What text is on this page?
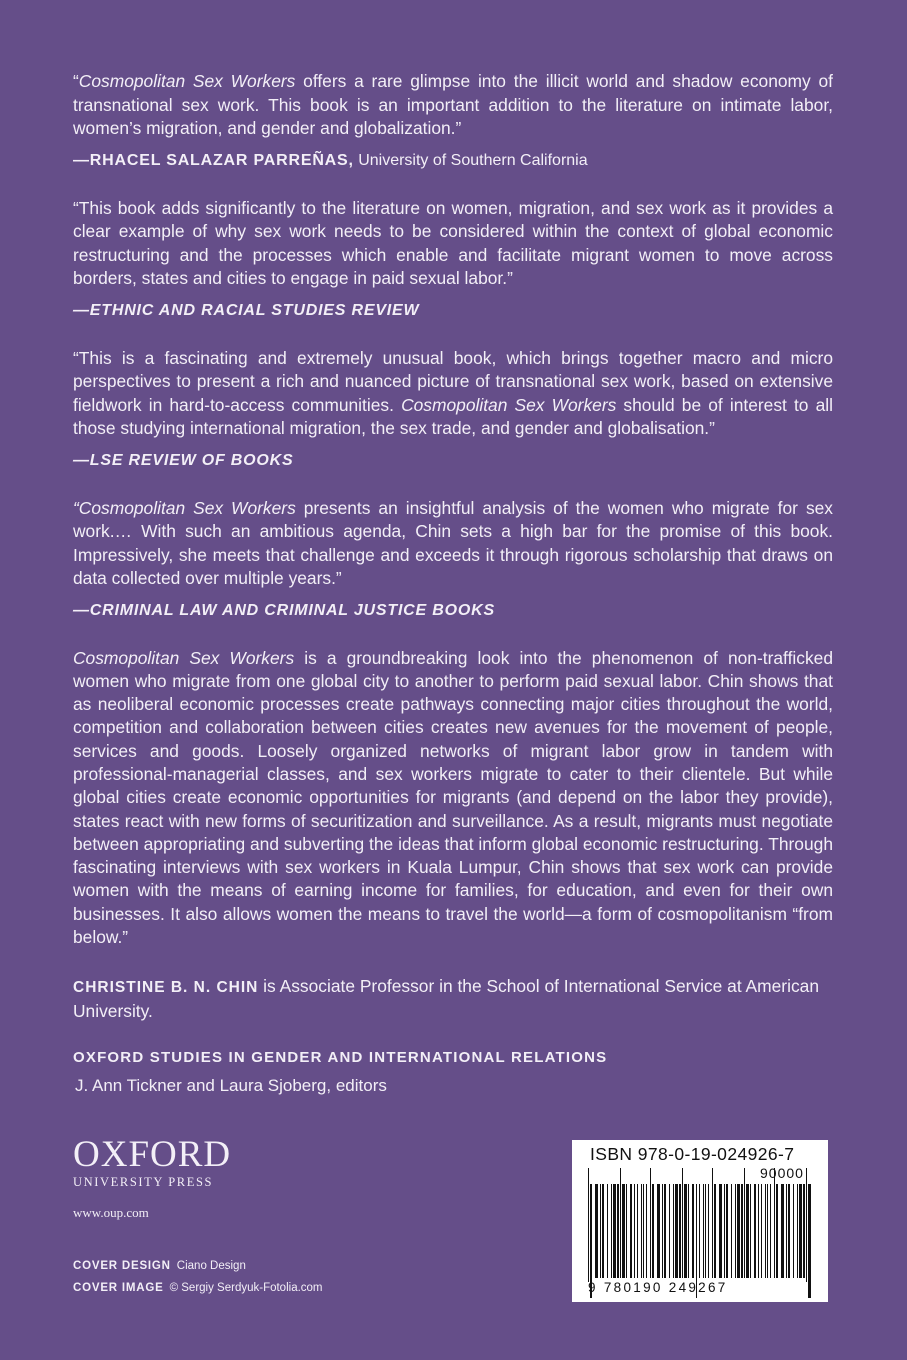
“Cosmopolitan Sex Workers offers a rare glimpse into the illicit world and shadow economy of transnational sex work. This book is an important addition to the literature on intimate labor, women’s migration, and gender and globalization.”

—RHACEL SALAZAR PARREÑAS, University of Southern California

“This book adds significantly to the literature on women, migration, and sex work as it provides a clear example of why sex work needs to be considered within the context of global economic restructuring and the processes which enable and facilitate migrant women to move across borders, states and cities to engage in paid sexual labor.”

—ETHNIC AND RACIAL STUDIES REVIEW

“This is a fascinating and extremely unusual book, which brings together macro and micro perspectives to present a rich and nuanced picture of transnational sex work, based on extensive fieldwork in hard-to-access communities. Cosmopolitan Sex Workers should be of interest to all those studying international migration, the sex trade, and gender and globalisation.”

—LSE REVIEW OF BOOKS

“Cosmopolitan Sex Workers presents an insightful analysis of the women who migrate for sex work.… With such an ambitious agenda, Chin sets a high bar for the promise of this book. Impressively, she meets that challenge and exceeds it through rigorous scholarship that draws on data collected over multiple years.”

—CRIMINAL LAW AND CRIMINAL JUSTICE BOOKS

Cosmopolitan Sex Workers is a groundbreaking look into the phenomenon of non-trafficked women who migrate from one global city to another to perform paid sexual labor. Chin shows that as neoliberal economic processes create pathways connecting major cities throughout the world, competition and collaboration between cities creates new avenues for the movement of people, services and goods. Loosely organized networks of migrant labor grow in tandem with professional-managerial classes, and sex workers migrate to cater to their clientele. But while global cities create economic opportunities for migrants (and depend on the labor they provide), states react with new forms of securitization and surveillance. As a result, migrants must negotiate between appropriating and subverting the ideas that inform global economic restructuring. Through fascinating interviews with sex workers in Kuala Lumpur, Chin shows that sex work can provide women with the means of earning income for families, for education, and even for their own businesses. It also allows women the means to travel the world—a form of cosmopolitanism “from below.”

CHRISTINE B. N. CHIN is Associate Professor in the School of International Service at American University.

OXFORD STUDIES IN GENDER AND INTERNATIONAL RELATIONS
J. Ann Tickner and Laura Sjoberg, editors
OXFORD
UNIVERSITY PRESS
www.oup.com
COVER DESIGN Ciano Design
COVER IMAGE © Sergiy Serdyuk-Fotolia.com
ISBN 978-0-19-024926-7
90000
9 780190 249267
